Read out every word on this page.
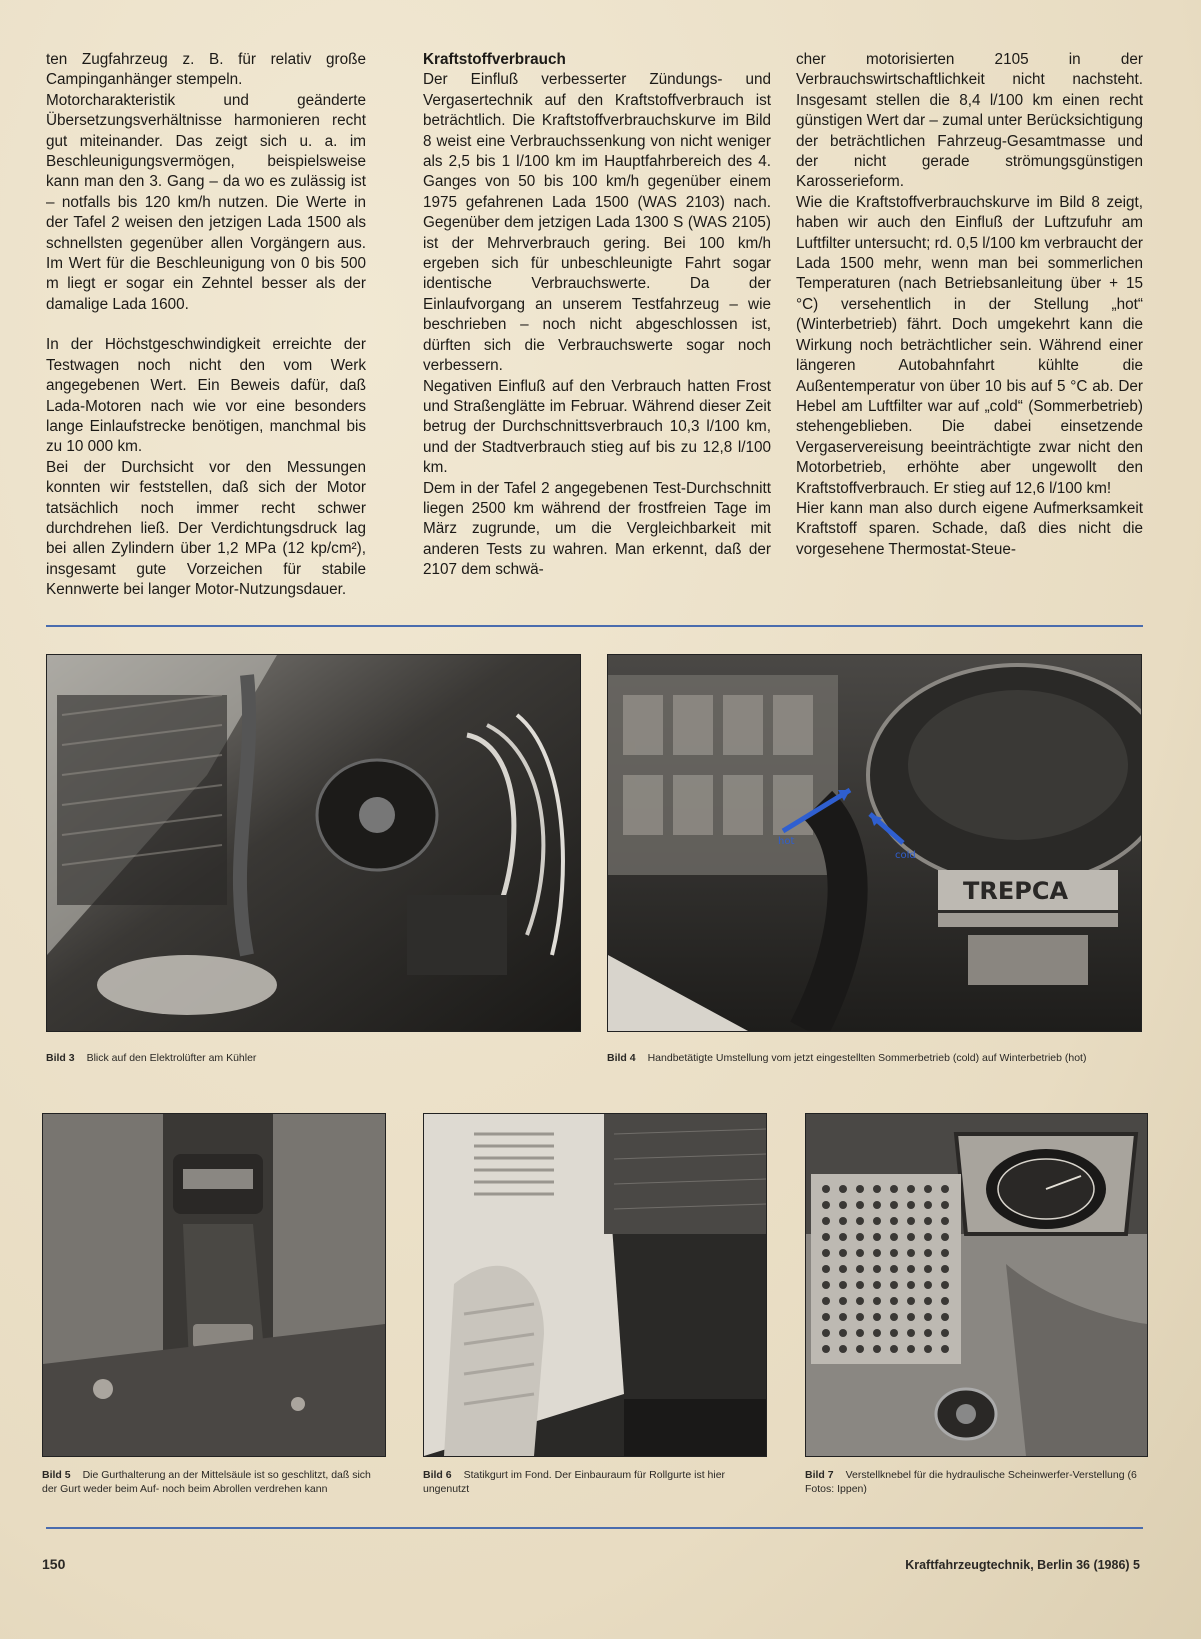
ten Zugfahrzeug z. B. für relativ große Campinganhänger stempeln.

Motorcharakteristik und geänderte Übersetzungsverhältnisse harmonieren recht gut miteinander. Das zeigt sich u. a. im Beschleunigungsvermögen, beispielsweise kann man den 3. Gang – da wo es zulässig ist – notfalls bis 120 km/h nutzen. Die Werte in der Tafel 2 weisen den jetzigen Lada 1500 als schnellsten gegenüber allen Vorgängern aus. Im Wert für die Beschleunigung von 0 bis 500 m liegt er sogar ein Zehntel besser als der damalige Lada 1600.

In der Höchstgeschwindigkeit erreichte der Testwagen noch nicht den vom Werk angegebenen Wert. Ein Beweis dafür, daß Lada-Motoren nach wie vor eine besonders lange Einlaufstrecke benötigen, manchmal bis zu 10 000 km.

Bei der Durchsicht vor den Messungen konnten wir feststellen, daß sich der Motor tatsächlich noch immer recht schwer durchdrehen ließ. Der Verdichtungsdruck lag bei allen Zylindern über 1,2 MPa (12 kp/cm²), insgesamt gute Vorzeichen für stabile Kennwerte bei langer Motor-Nutzungsdauer.

Kraftstoffverbrauch

Der Einfluß verbesserter Zündungs- und Vergasertechnik auf den Kraftstoffverbrauch ist beträchtlich. Die Kraftstoffverbrauchskurve im Bild 8 weist eine Verbrauchssenkung von nicht weniger als 2,5 bis 1 l/100 km im Hauptfahrbereich des 4. Ganges von 50 bis 100 km/h gegenüber einem 1975 gefahrenen Lada 1500 (WAS 2103) nach. Gegenüber dem jetzigen Lada 1300 S (WAS 2105) ist der Mehrverbrauch gering. Bei 100 km/h ergeben sich für unbeschleunigte Fahrt sogar identische Verbrauchswerte. Da der Einlaufvorgang an unserem Testfahrzeug – wie beschrieben – noch nicht abgeschlossen ist, dürften sich die Verbrauchswerte sogar noch verbessern.

Negativen Einfluß auf den Verbrauch hatten Frost und Straßenglätte im Februar. Während dieser Zeit betrug der Durchschnittsverbrauch 10,3 l/100 km, und der Stadtverbrauch stieg auf bis zu 12,8 l/100 km.

Dem in der Tafel 2 angegebenen Test-Durchschnitt liegen 2500 km während der frostfreien Tage im März zugrunde, um die Vergleichbarkeit mit anderen Tests zu wahren. Man erkennt, daß der 2107 dem schwä-

cher motorisierten 2105 in der Verbrauchswirtschaftlichkeit nicht nachsteht. Insgesamt stellen die 8,4 l/100 km einen recht günstigen Wert dar – zumal unter Berücksichtigung der beträchtlichen Fahrzeug-Gesamtmasse und der nicht gerade strömungsgünstigen Karosserieform.

Wie die Kraftstoffverbrauchskurve im Bild 8 zeigt, haben wir auch den Einfluß der Luftzufuhr am Luftfilter untersucht; rd. 0,5 l/100 km verbraucht der Lada 1500 mehr, wenn man bei sommerlichen Temperaturen (nach Betriebsanleitung über + 15 °C) versehentlich in der Stellung „hot“ (Winterbetrieb) fährt. Doch umgekehrt kann die Wirkung noch beträchtlicher sein. Während einer längeren Autobahnfahrt kühlte die Außentemperatur von über 10 bis auf 5 °C ab. Der Hebel am Luftfilter war auf „cold“ (Sommerbetrieb) stehengeblieben. Die dabei einsetzende Vergaservereisung beeinträchtigte zwar nicht den Motorbetrieb, erhöhte aber ungewollt den Kraftstoffverbrauch. Er stieg auf 12,6 l/100 km!

Hier kann man also durch eigene Aufmerksamkeit Kraftstoff sparen. Schade, daß dies nicht die vorgesehene Thermostat-Steue-

TREPCA
hot
cold
Bild 3 Blick auf den Elektrolüfter am Kühler	Bild 4 Handbetätigte Umstellung vom jetzt eingestellten Sommerbetrieb (cold) auf Winterbetrieb (hot)
Bild 5 Die Gurthalterung an der Mittelsäule ist so geschlitzt, daß sich der Gurt weder beim Auf- noch beim Abrollen verdrehen kann
Bild 6 Statikgurt im Fond. Der Einbauraum für Rollgurte ist hier ungenutzt
Bild 7 Verstellknebel für die hydraulische Scheinwerfer-Verstellung (6 Fotos: Ippen)
150	Kraftfahrzeugtechnik, Berlin 36 (1986) 5
